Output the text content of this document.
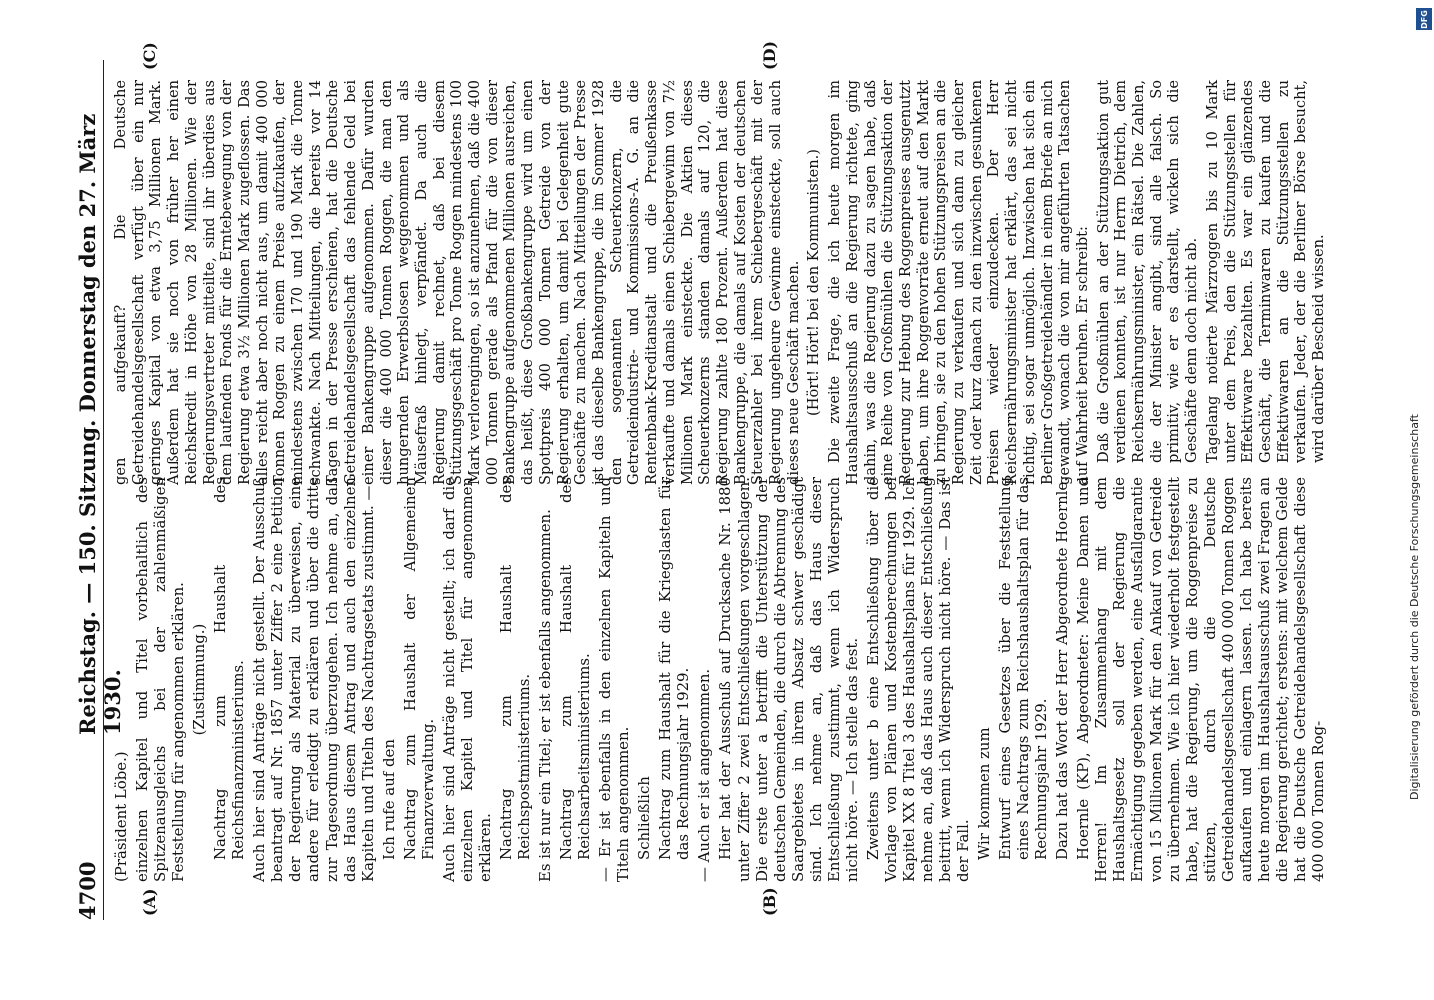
4700
Reichstag. — 150. Sitzung. Donnerstag den 27. März 1930.
(A)	(B)
(C)	(D)

(Präsident Löbe.) einzelnen Kapitel und Titel vorbehaltlich des Spitzenausgleichs bei der zahlenmäßigen Feststellung für angenommen erklären. (Zustimmung.) Nachtrag zum Haushalt des Reichsfinanzministeriums. Auch hier sind Anträge nicht gestellt. Der Ausschuß beantragt auf Nr. 1857 unter Ziffer 2 eine Petition der Regierung als Material zu überweisen, eine andere für erledigt zu erklären und über die dritte zur Tagesordnung überzugehen. Ich nehme an, daß das Haus diesem Antrag und auch den einzelnen Kapiteln und Titeln des Nachtragsetats zustimmt. — Ich rufe auf den Nachtrag zum Haushalt der Allgemeinen Finanzverwaltung. Auch hier sind Anträge nicht gestellt; ich darf die einzelnen Kapitel und Titel für angenommen erklären. Nachtrag zum Haushalt des Reichspostministeriums. Es ist nur ein Titel; er ist ebenfalls angenommen. Nachtrag zum Haushalt des Reichsarbeitsministeriums. — Er ist ebenfalls in den einzelnen Kapiteln und Titeln angenommen. Schließlich Nachtrag zum Haushalt für die Kriegslasten für das Rechnungsjahr 1929. — Auch er ist angenommen. Hier hat der Ausschuß auf Drucksache Nr. 1880 unter Ziffer 2 zwei Entschließungen vorgeschlagen. Die erste unter a betrifft die Unterstützung der deutschen Gemeinden, die durch die Abtrennung des Saargebietes in ihrem Absatz schwer geschädigt sind. Ich nehme an, daß das Haus dieser Entschließung zustimmt, wenn ich Widerspruch nicht höre. — Ich stelle das fest. Zweitens unter b eine Entschließung über die Vorlage von Plänen und Kostenberechnungen bei Kapitel XX 8 Titel 3 des Haushaltsplans für 1929. Ich nehme an, daß das Haus auch dieser Entschließung beitritt, wenn ich Widerspruch nicht höre. — Das ist der Fall. Wir kommen zum Entwurf eines Gesetzes über die Feststellung eines Nachtrags zum Reichshaushaltsplan für das Rechnungsjahr 1929. Dazu hat das Wort der Herr Abgeordnete Hoernle. Hoernle (KP), Abgeordneter: Meine Damen und Herren! Im Zusammenhang mit dem Haushaltsgesetz soll der Regierung die Ermächtigung gegeben werden, eine Ausfallgarantie von 15 Millionen Mark für den Ankauf von Getreide zu übernehmen. Wie ich hier wiederholt festgestellt habe, hat die Regierung, um die Roggenpreise zu stützen, durch die Deutsche Getreidehandelsgesellschaft 400 000 Tonnen Roggen aufkaufen und einlagern lassen. Ich habe bereits heute morgen im Haushaltsausschuß zwei Fragen an die Regierung gerichtet; erstens: mit welchem Gelde hat die Deutsche Getreidehandelsgesellschaft diese 400 000 Tonnen Rog-

gen aufgekauft? Die Deutsche Getreidehandelsgesellschaft verfügt über ein nur geringes Kapital von etwa 3,75 Millionen Mark. Außerdem hat sie noch von früher her einen Reichskredit in Höhe von 28 Millionen. Wie der Regierungsvertreter mitteilte, sind ihr überdies aus dem laufenden Fonds für die Erntebewegung von der Regierung etwa 3½ Millionen Mark zugeflossen. Das alles reicht aber noch nicht aus, um damit 400 000 Tonnen Roggen zu einem Preise aufzukaufen, der mindestens zwischen 170 und 190 Mark die Tonne schwankte. Nach Mitteilungen, die bereits vor 14 Tagen in der Presse erschienen, hat die Deutsche Getreidehandelsgesellschaft das fehlende Geld bei einer Bankengruppe aufgenommen. Dafür wurden dieser die 400 000 Tonnen Roggen, die man den hungernden Erwerbslosen weggenommen und als Mäusefraß hinlegt, verpfändet. Da auch die Regierung damit rechnet, daß bei diesem Stützungsgeschäft pro Tonne Roggen mindestens 100 Mark verlorengingen, so ist anzunehmen, daß die 400 000 Tonnen gerade als Pfand für die von dieser Bankengruppe aufgenommenen Millionen ausreichen, das heißt, diese Großbankengruppe wird um einen Spottpreis 400 000 Tonnen Getreide von der Regierung erhalten, um damit bei Gelegenheit gute Geschäfte zu machen. Nach Mitteilungen der Presse ist das dieselbe Bankengruppe, die im Sommer 1928 den sogenannten Scheuerkonzern, die Getreideindustrie- und Kommissions-A. G. an die Rentenbank-Kreditanstalt und die Preußenkasse verkaufte und damals einen Schiebergewinn von 7½ Millionen Mark einsteckte. Die Aktien dieses Scheuerkonzerns standen damals auf 120, die Regierung zahlte 180 Prozent. Außerdem hat diese Bankengruppe, die damals auf Kosten der deutschen Steuerzahler bei ihrem Schiebergeschäft mit der Regierung ungeheure Gewinne einsteckte, soll auch dieses neue Geschäft machen. (Hört! Hört! bei den Kommunisten.) Die zweite Frage, die ich heute morgen im Haushaltsausschuß an die Regierung richtete, ging dahin, was die Regierung dazu zu sagen habe, daß eine Reihe von Großmühlen die Stützungsaktion der Regierung zur Hebung des Roggenpreises ausgenutzt haben, um ihre Roggenvorräte erneut auf den Markt zu bringen, sie zu den hohen Stützungspreisen an die Regierung zu verkaufen und sich dann zu gleicher Zeit oder kurz danach zu den inzwischen gesunkenen Preisen wieder einzudecken. Der Herr Reichsernährungsminister hat erklärt, das sei nicht richtig, sei sogar unmöglich. Inzwischen hat sich ein Berliner Großgetreidehändler in einem Briefe an mich gewandt, wonach die von mir angeführten Tatsachen auf Wahrheit beruhen. Er schreibt: Daß die Großmühlen an der Stützungsaktion gut verdienen konnten, ist nur Herrn Dietrich, dem Reichsernährungsminister, ein Rätsel. Die Zahlen, die der Minister angibt, sind alle falsch. So primitiv, wie er es darstellt, wickeln sich die Geschäfte denn doch nicht ab. Tagelang notierte Märzroggen bis zu 10 Mark unter dem Preis, den die Stützungsstellen für Effektivware bezahlten. Es war ein glänzendes Geschäft, die Terminwaren zu kaufen und die Effektivwaren an die Stützungsstellen zu verkaufen. Jeder, der die Berliner Börse besucht, wird darüber Bescheid wissen.

DFG
Digitalisierung gefördert durch die Deutsche Forschungsgemeinschaft
